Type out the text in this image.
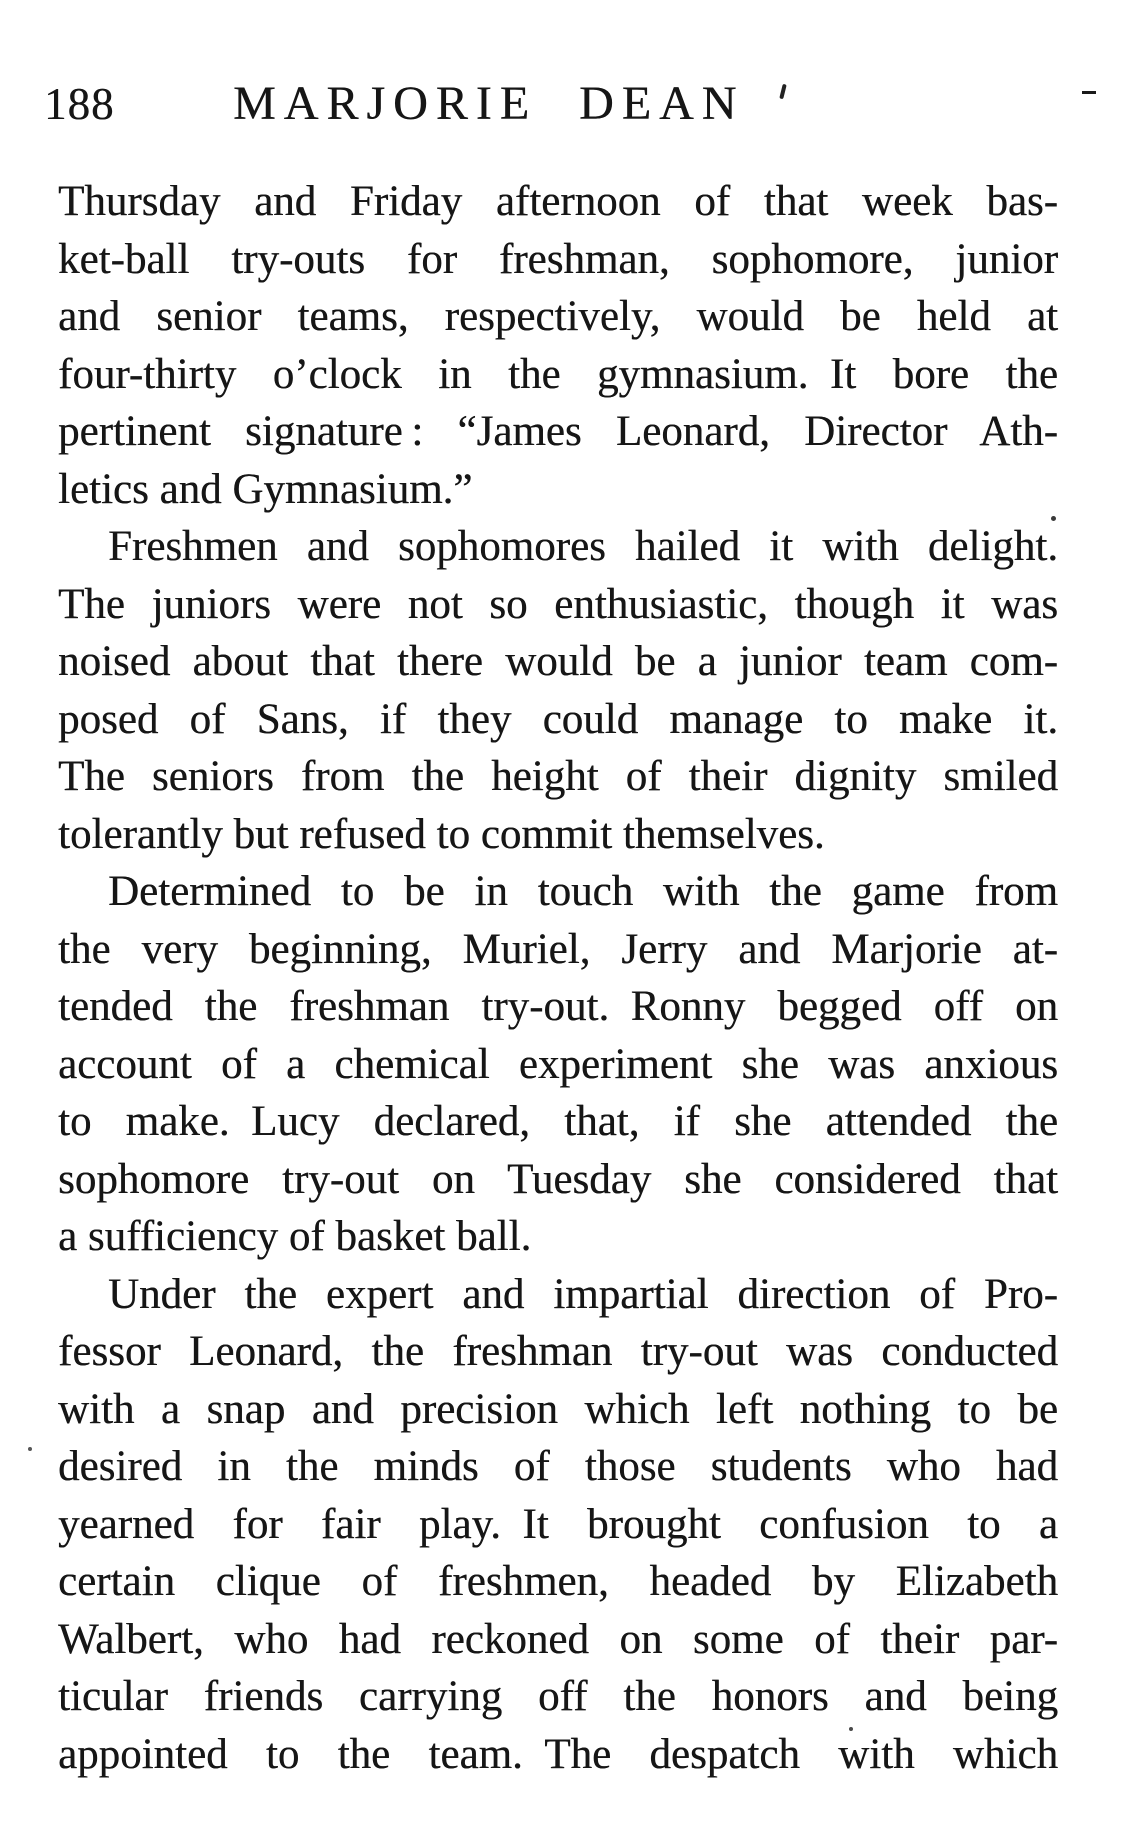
188 MARJORIE DEAN
Thursday and Friday afternoon of that week bas-
ket-ball try-outs for freshman, sophomore, junior
and senior teams, respectively, would be held at
four-thirty o’clock in the gymnasium. It bore the
pertinent signature : “James Leonard, Director Ath-
letics and Gymnasium.”
Freshmen and sophomores hailed it with delight.
The juniors were not so enthusiastic, though it was
noised about that there would be a junior team com-
posed of Sans, if they could manage to make it.
The seniors from the height of their dignity smiled
tolerantly but refused to commit themselves.
Determined to be in touch with the game from
the very beginning, Muriel, Jerry and Marjorie at-
tended the freshman try-out. Ronny begged off on
account of a chemical experiment she was anxious
to make. Lucy declared, that, if she attended the
sophomore try-out on Tuesday she considered that
a sufficiency of basket ball.
Under the expert and impartial direction of Pro-
fessor Leonard, the freshman try-out was conducted
with a snap and precision which left nothing to be
desired in the minds of those students who had
yearned for fair play. It brought confusion to a
certain clique of freshmen, headed by Elizabeth
Walbert, who had reckoned on some of their par-
ticular friends carrying off the honors and being
appointed to the team. The despatch with which
